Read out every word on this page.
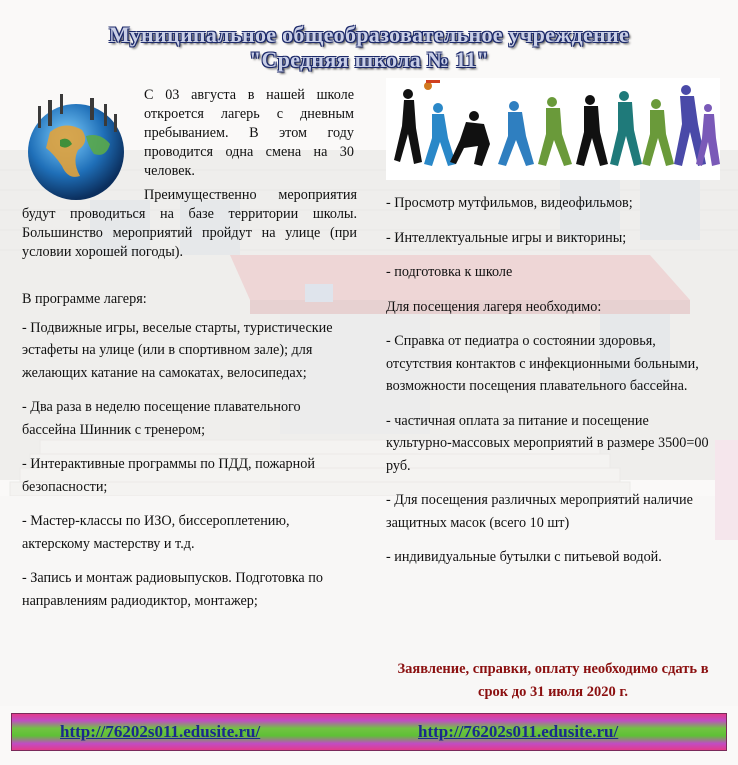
Муниципальное общеобразовательное учреждение
"Средняя школа № 11"

С 03 августа в нашей школе откроется лагерь с дневным пребыванием. В этом году проводится одна смена на 30 человек.

Преимущественно мероприятия будут проводиться на базе территории школы. Большинство мероприятий пройдут на улице (при условии хорошей погоды).

В программе лагеря:

- Подвижные игры, веселые старты, туристические эстафеты на улице (или в спортивном зале); для желающих катание на самокатах, велосипедах;

- Два раза в неделю посещение плавательного бассейна Шинник с тренером;

- Интерактивные программы по ПДД, пожарной безопасности;

- Мастер-классы по ИЗО, биссероплетению, актерскому мастерству и т.д.

- Запись и монтаж радиовыпусков. Подготовка по направлениям радиодиктор, монтажер;

- Просмотр мутфильмов, видеофильмов;

- Интеллектуальные игры и викторины;

- подготовка к школе

Для посещения лагеря необходимо:

- Справка от педиатра о состоянии здоровья, отсутствия контактов с инфекционными больными, возможности посещения плавательного бассейна.

- частичная оплата за питание и посещение культурно-массовых мероприятий в размере 3500=00 руб.

- Для посещения различных мероприятий наличие защитных масок (всего 10 шт)

- индивидуальные бутылки с питьевой водой.

Заявление, справки, оплату необходимо сдать в срок до 31 июля 2020 г.
http://76202s011.edusite.ru/	http://76202s011.edusite.ru/
